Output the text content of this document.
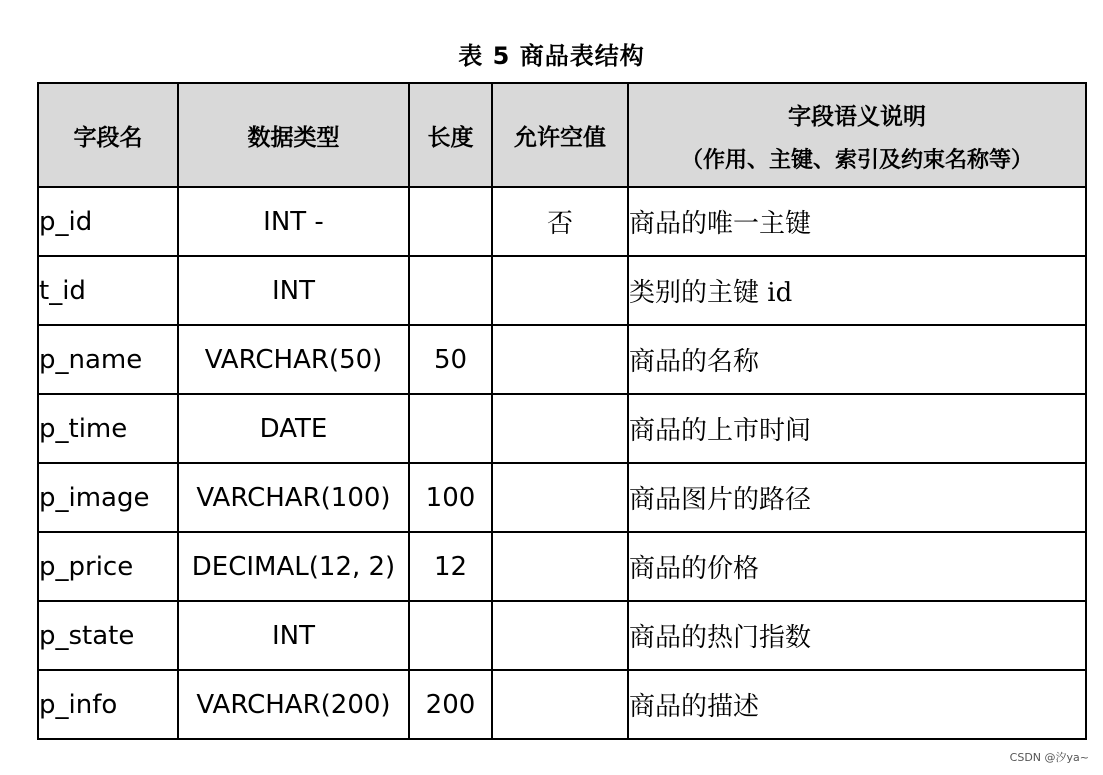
表 5 商品表结构
字段名	数据类型	长度	允许空值	字段语义说明
（作用、主键、索引及约束名称等）

p_id	INT -		否	商品的唯一主键
t_id	INT			类别的主键 id
p_name	VARCHAR(50)	50		商品的名称
p_time	DATE			商品的上市时间
p_image	VARCHAR(100)	100		商品图片的路径
p_price	DECIMAL(12, 2)	12		商品的价格
p_state	INT			商品的热门指数
p_info	VARCHAR(200)	200		商品的描述
CSDN @汐ya~
